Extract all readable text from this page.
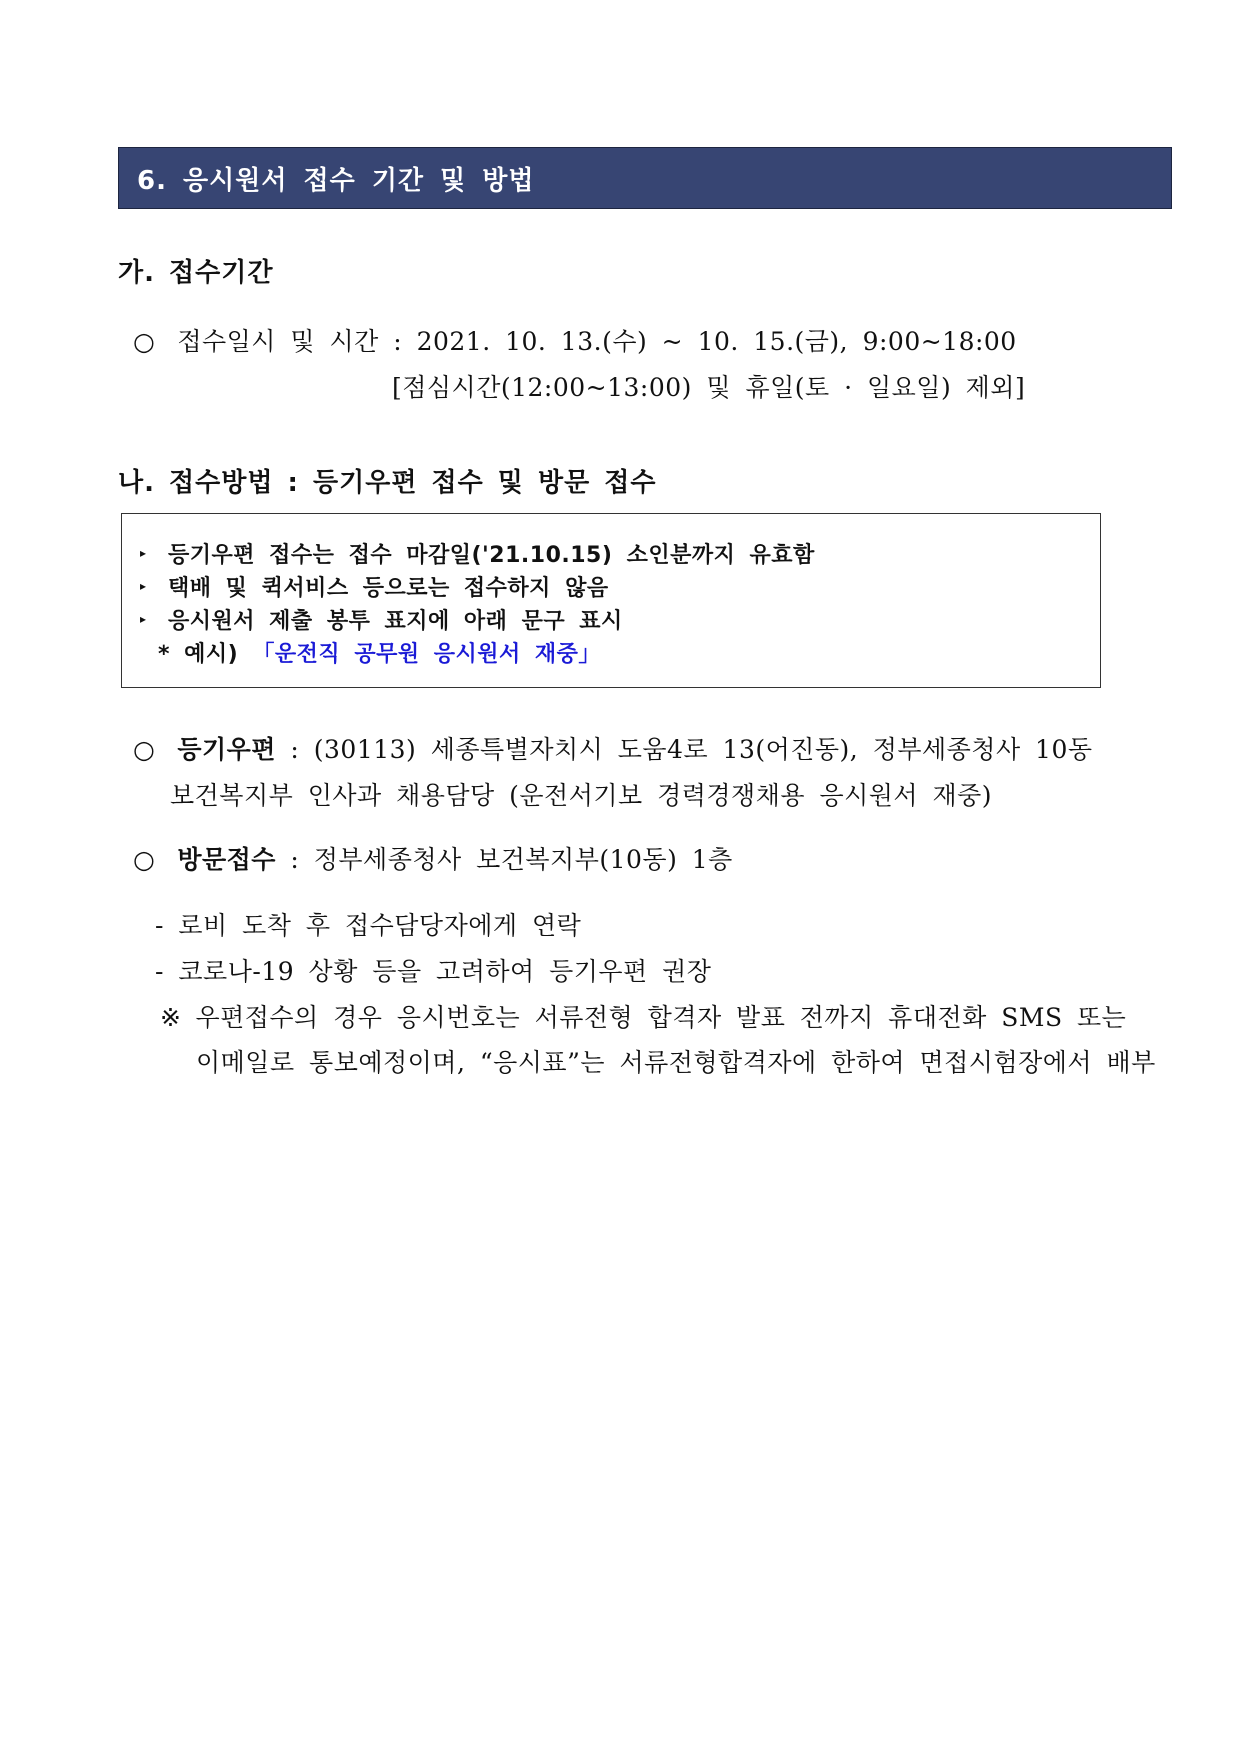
6. 응시원서 접수 기간 및 방법
가. 접수기간
○ 접수일시 및 시간 : 2021. 10. 13.(수) ~ 10. 15.(금), 9:00~18:00
[점심시간(12:00~13:00) 및 휴일(토 · 일요일) 제외]
나. 접수방법 : 등기우편 접수 및 방문 접수
▸ 등기우편 접수는 접수 마감일('21.10.15) 소인분까지 유효함
▸ 택배 및 퀵서비스 등으로는 접수하지 않음
▸ 응시원서 제출 봉투 표지에 아래 문구 표시
* 예시) 「운전직 공무원 응시원서 재중」
○ 등기우편 : (30113) 세종특별자치시 도움4로 13(어진동), 정부세종청사 10동
보건복지부 인사과 채용담당 (운전서기보 경력경쟁채용 응시원서 재중)
○ 방문접수 : 정부세종청사 보건복지부(10동) 1층
- 로비 도착 후 접수담당자에게 연락
- 코로나-19 상황 등을 고려하여 등기우편 권장
※ 우편접수의 경우 응시번호는 서류전형 합격자 발표 전까지 휴대전화 SMS 또는
이메일로 통보예정이며, “응시표”는 서류전형합격자에 한하여 면접시험장에서 배부
